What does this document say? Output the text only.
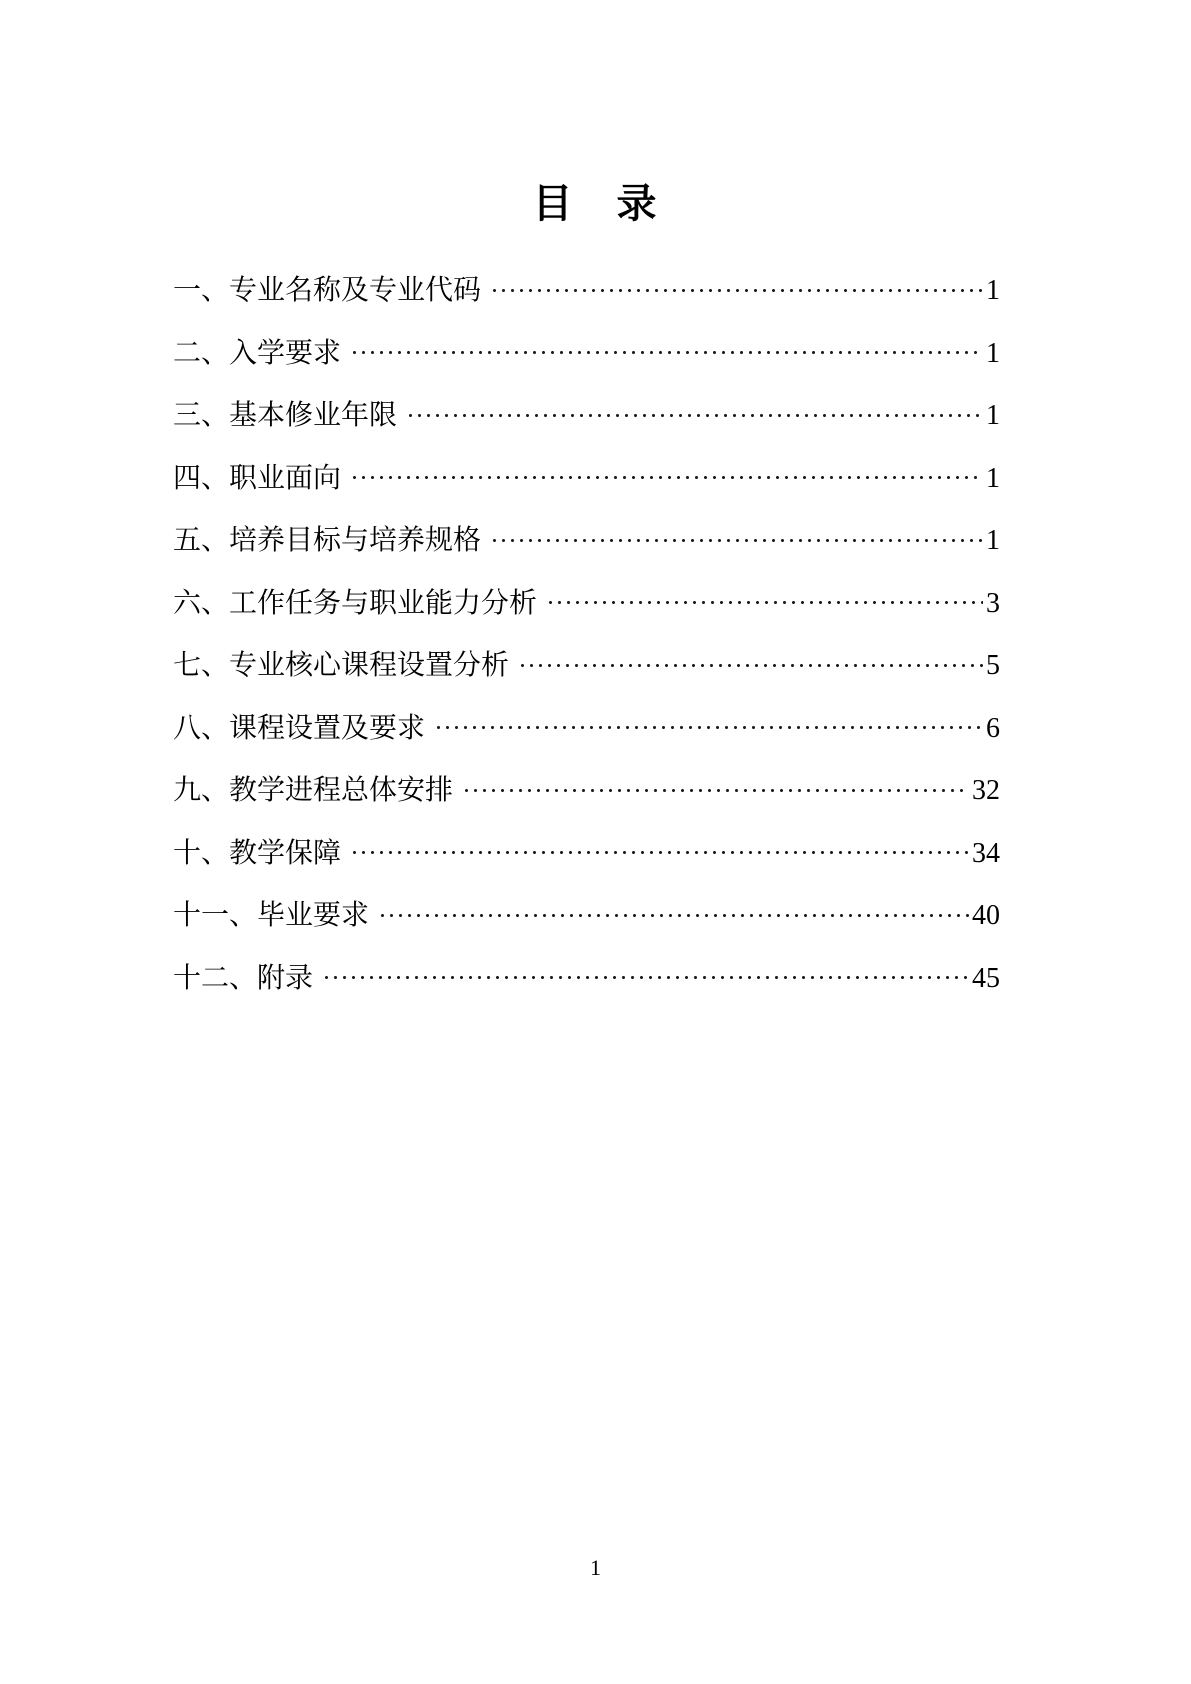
目　录
一、专业名称及专业代码	1
二、入学要求	1
三、基本修业年限	1
四、职业面向	1
五、培养目标与培养规格	1
六、工作任务与职业能力分析	3
七、专业核心课程设置分析	5
八、课程设置及要求	6
九、教学进程总体安排	32
十、教学保障	34
十一、毕业要求	40
十二、附录	45
1
